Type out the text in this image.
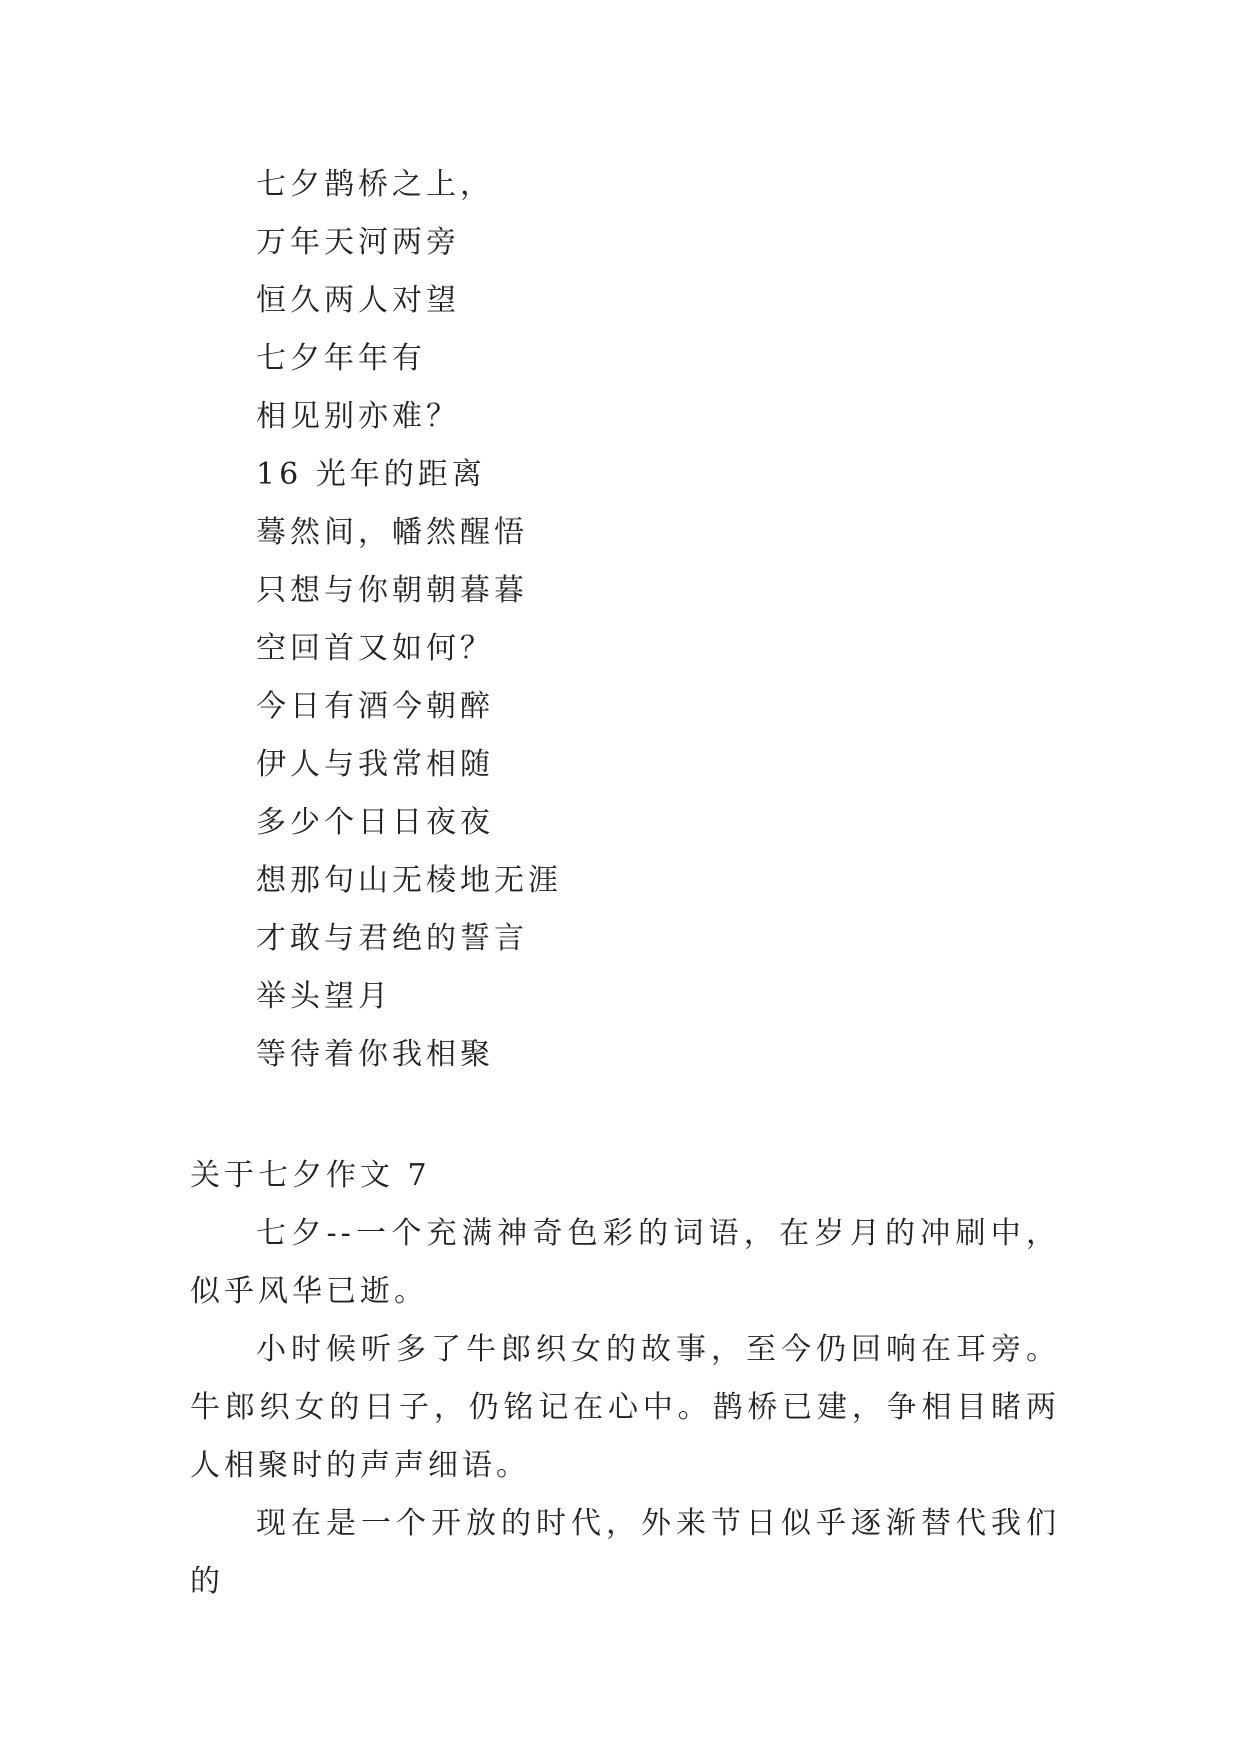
七夕鹊桥之上，
万年天河两旁
恒久两人对望
七夕年年有
相见别亦难？
16 光年的距离
蓦然间，幡然醒悟
只想与你朝朝暮暮
空回首又如何？
今日有酒今朝醉
伊人与我常相随
多少个日日夜夜
想那句山无棱地无涯
才敢与君绝的誓言
举头望月
等待着你我相聚
关于七夕作文 7

七夕--一个充满神奇色彩的词语，在岁月的冲刷中，似乎风华已逝。

小时候听多了牛郎织女的故事，至今仍回响在耳旁。牛郎织女的日子，仍铭记在心中。鹊桥已建，争相目睹两人相聚时的声声细语。

现在是一个开放的时代，外来节日似乎逐渐替代我们的
